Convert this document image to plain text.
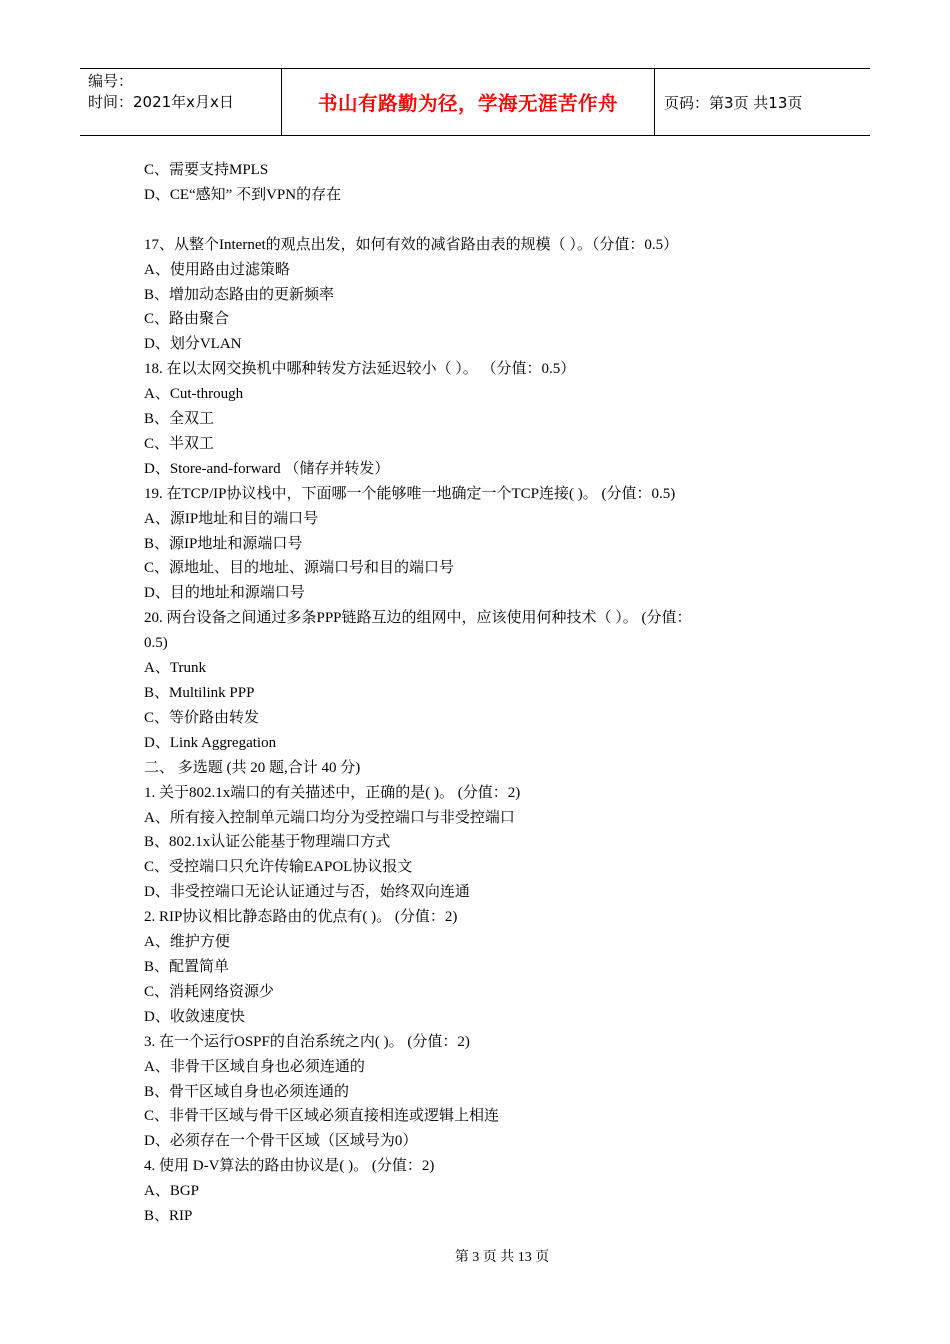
编号：
时间：2021年x月x日	书山有路勤为径，学海无涯苦作舟	页码：第3页 共13页
C、需要支持MPLS
D、CE“感知” 不到VPN的存在
17、从整个Internet的观点出发，如何有效的减省路由表的规模（ ）。（分值：0.5）
A、使用路由过滤策略
B、增加动态路由的更新频率
C、路由聚合
D、划分VLAN
18. 在以太网交换机中哪种转发方法延迟较小（ ）。 （分值：0.5）
A、Cut-through
B、全双工
C、半双工
D、Store-and-forward （储存并转发）
19. 在TCP/IP协议栈中，下面哪一个能够唯一地确定一个TCP连接( )。 (分值：0.5)
A、源IP地址和目的端口号
B、源IP地址和源端口号
C、源地址、目的地址、源端口号和目的端口号
D、目的地址和源端口号
20. 两台设备之间通过多条PPP链路互边的组网中，应该使用何种技术（ ）。 (分值：
0.5)
A、Trunk
B、Multilink PPP
C、等价路由转发
D、Link Aggregation
二、 多选题 (共 20 题,合计 40 分)
1. 关于802.1x端口的有关描述中，正确的是( )。 (分值：2)
A、所有接入控制单元端口均分为受控端口与非受控端口
B、802.1x认证公能基于物理端口方式
C、受控端口只允许传输EAPOL协议报文
D、非受控端口无论认证通过与否，始终双向连通
2. RIP协议相比静态路由的优点有( )。 (分值：2)
A、维护方便
B、配置简单
C、消耗网络资源少
D、收敛速度快
3. 在一个运行OSPF的自治系统之内( )。 (分值：2)
A、非骨干区域自身也必须连通的
B、骨干区域自身也必须连通的
C、非骨干区域与骨干区域必须直接相连或逻辑上相连
D、必须存在一个骨干区域（区域号为0）
4. 使用 D-V算法的路由协议是( )。 (分值：2)
A、BGP
B、RIP
第 3 页 共 13 页
